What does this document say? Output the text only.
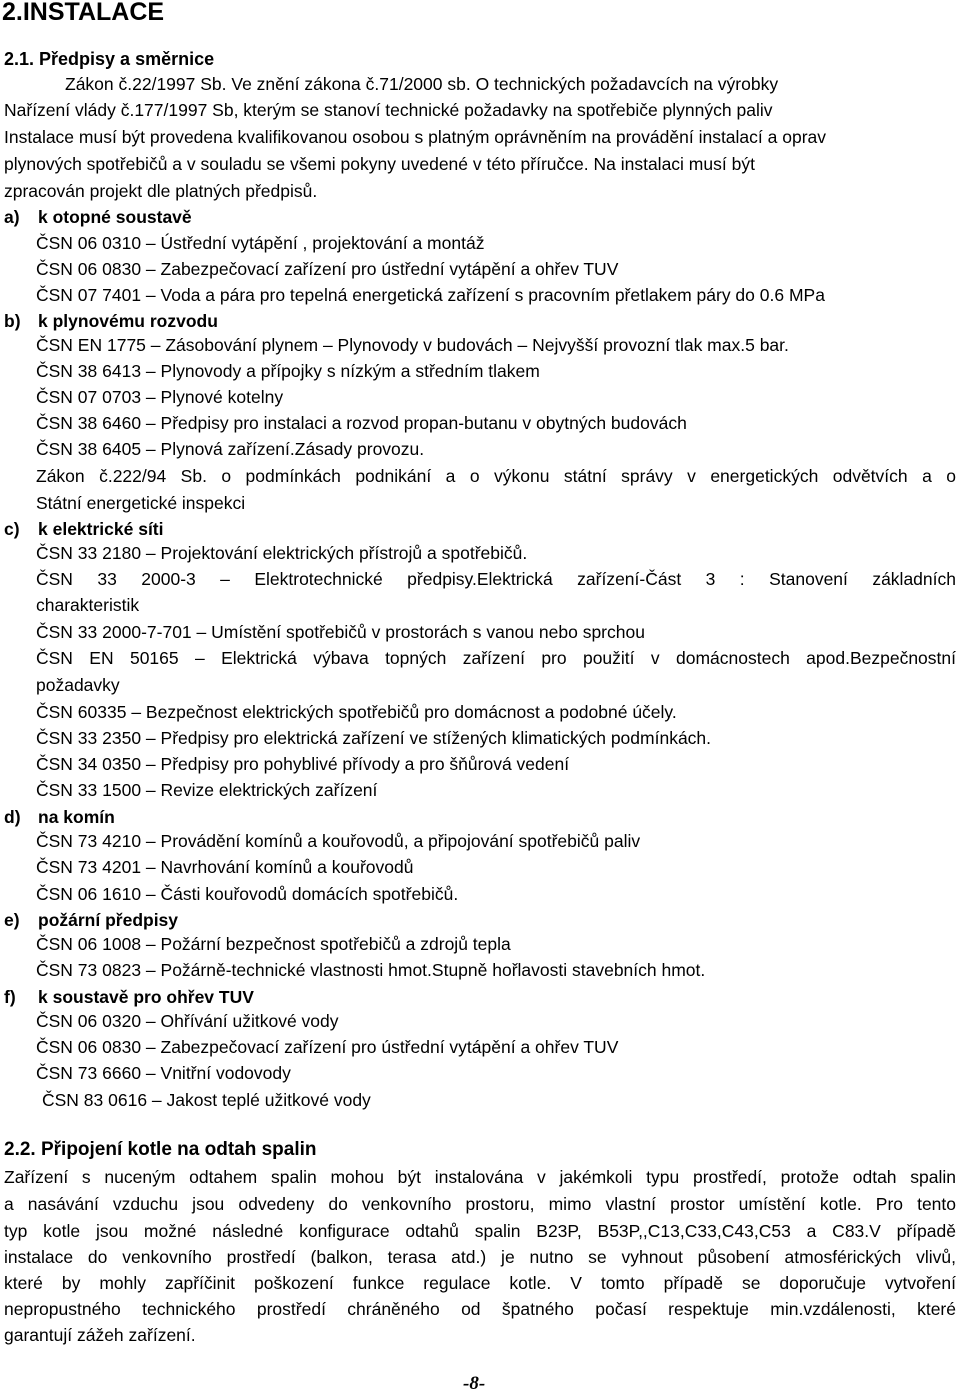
2.INSTALACE
2.1. Předpisy a směrnice
Zákon č.22/1997 Sb. Ve znění zákona č.71/2000 sb. O technických požadavcích na výrobky
Nařízení vlády č.177/1997 Sb, kterým se stanoví technické požadavky na spotřebiče plynných paliv
Instalace musí být provedena kvalifikovanou osobou s platným oprávněním na provádění instalací a oprav
plynových spotřebičů a v souladu se všemi pokyny uvedené v této příručce. Na instalaci musí být
zpracován projekt dle platných předpisů.
a) k otopné soustavě
ČSN 06 0310 – Ústřední vytápění , projektování a montáž
ČSN 06 0830 – Zabezpečovací zařízení pro ústřední vytápění a ohřev TUV
ČSN 07 7401 – Voda a pára pro tepelná energetická zařízení s pracovním přetlakem páry do 0.6 MPa
b) k plynovému rozvodu
ČSN EN 1775 – Zásobování plynem – Plynovody v budovách – Nejvyšší provozní tlak max.5 bar.
ČSN 38 6413 – Plynovody a přípojky s nízkým a středním tlakem
ČSN 07 0703 – Plynové kotelny
ČSN 38 6460 – Předpisy pro instalaci a rozvod propan-butanu v obytných budovách
ČSN 38 6405 – Plynová zařízení.Zásady provozu.
Zákon č.222/94 Sb. o podmínkách podnikání a o výkonu státní správy v energetických odvětvích a o
Státní energetické inspekci
c) k elektrické síti
ČSN 33 2180 – Projektování elektrických přístrojů a spotřebičů.
ČSN 33 2000-3 – Elektrotechnické předpisy.Elektrická zařízení-Část 3 : Stanovení základních
charakteristik
ČSN 33 2000-7-701 – Umístění spotřebičů v prostorách s vanou nebo sprchou
ČSN EN 50165 – Elektrická výbava topných zařízení pro použití v domácnostech apod.Bezpečnostní
požadavky
ČSN 60335 – Bezpečnost elektrických spotřebičů pro domácnost a podobné účely.
ČSN 33 2350 – Předpisy pro elektrická zařízení ve stížených klimatických podmínkách.
ČSN 34 0350 – Předpisy pro pohyblivé přívody a pro šňůrová vedení
ČSN 33 1500 – Revize elektrických zařízení
d) na komín
ČSN 73 4210 – Provádění komínů a kouřovodů, a připojování spotřebičů paliv
ČSN 73 4201 – Navrhování komínů a kouřovodů
ČSN 06 1610 – Části kouřovodů domácích spotřebičů.
e) požární předpisy
ČSN 06 1008 – Požární bezpečnost spotřebičů a zdrojů tepla
ČSN 73 0823 – Požárně-technické vlastnosti hmot.Stupně hořlavosti stavebních hmot.
f) k soustavě pro ohřev TUV
ČSN 06 0320 – Ohřívání užitkové vody
ČSN 06 0830 – Zabezpečovací zařízení pro ústřední vytápění a ohřev TUV
ČSN 73 6660 – Vnitřní vodovody
ČSN 83 0616 – Jakost teplé užitkové vody
2.2. Připojení kotle na odtah spalin
Zařízení s nuceným odtahem spalin mohou být instalována v jakémkoli typu prostředí, protože odtah spalin
a nasávání vzduchu jsou odvedeny do venkovního prostoru, mimo vlastní prostor umístění kotle. Pro tento
typ kotle jsou možné následné konfigurace odtahů spalin B23P, B53P,,C13,C33,C43,C53 a C83.V případě
instalace do venkovního prostředí (balkon, terasa atd.) je nutno se vyhnout působení atmosférických vlivů,
které by mohly zapříčinit poškození funkce regulace kotle. V tomto případě se doporučuje vytvoření
nepropustného technického prostředí chráněného od špatného počasí respektuje min.vzdálenosti, které
garantují zážeh zařízení.
-8-
